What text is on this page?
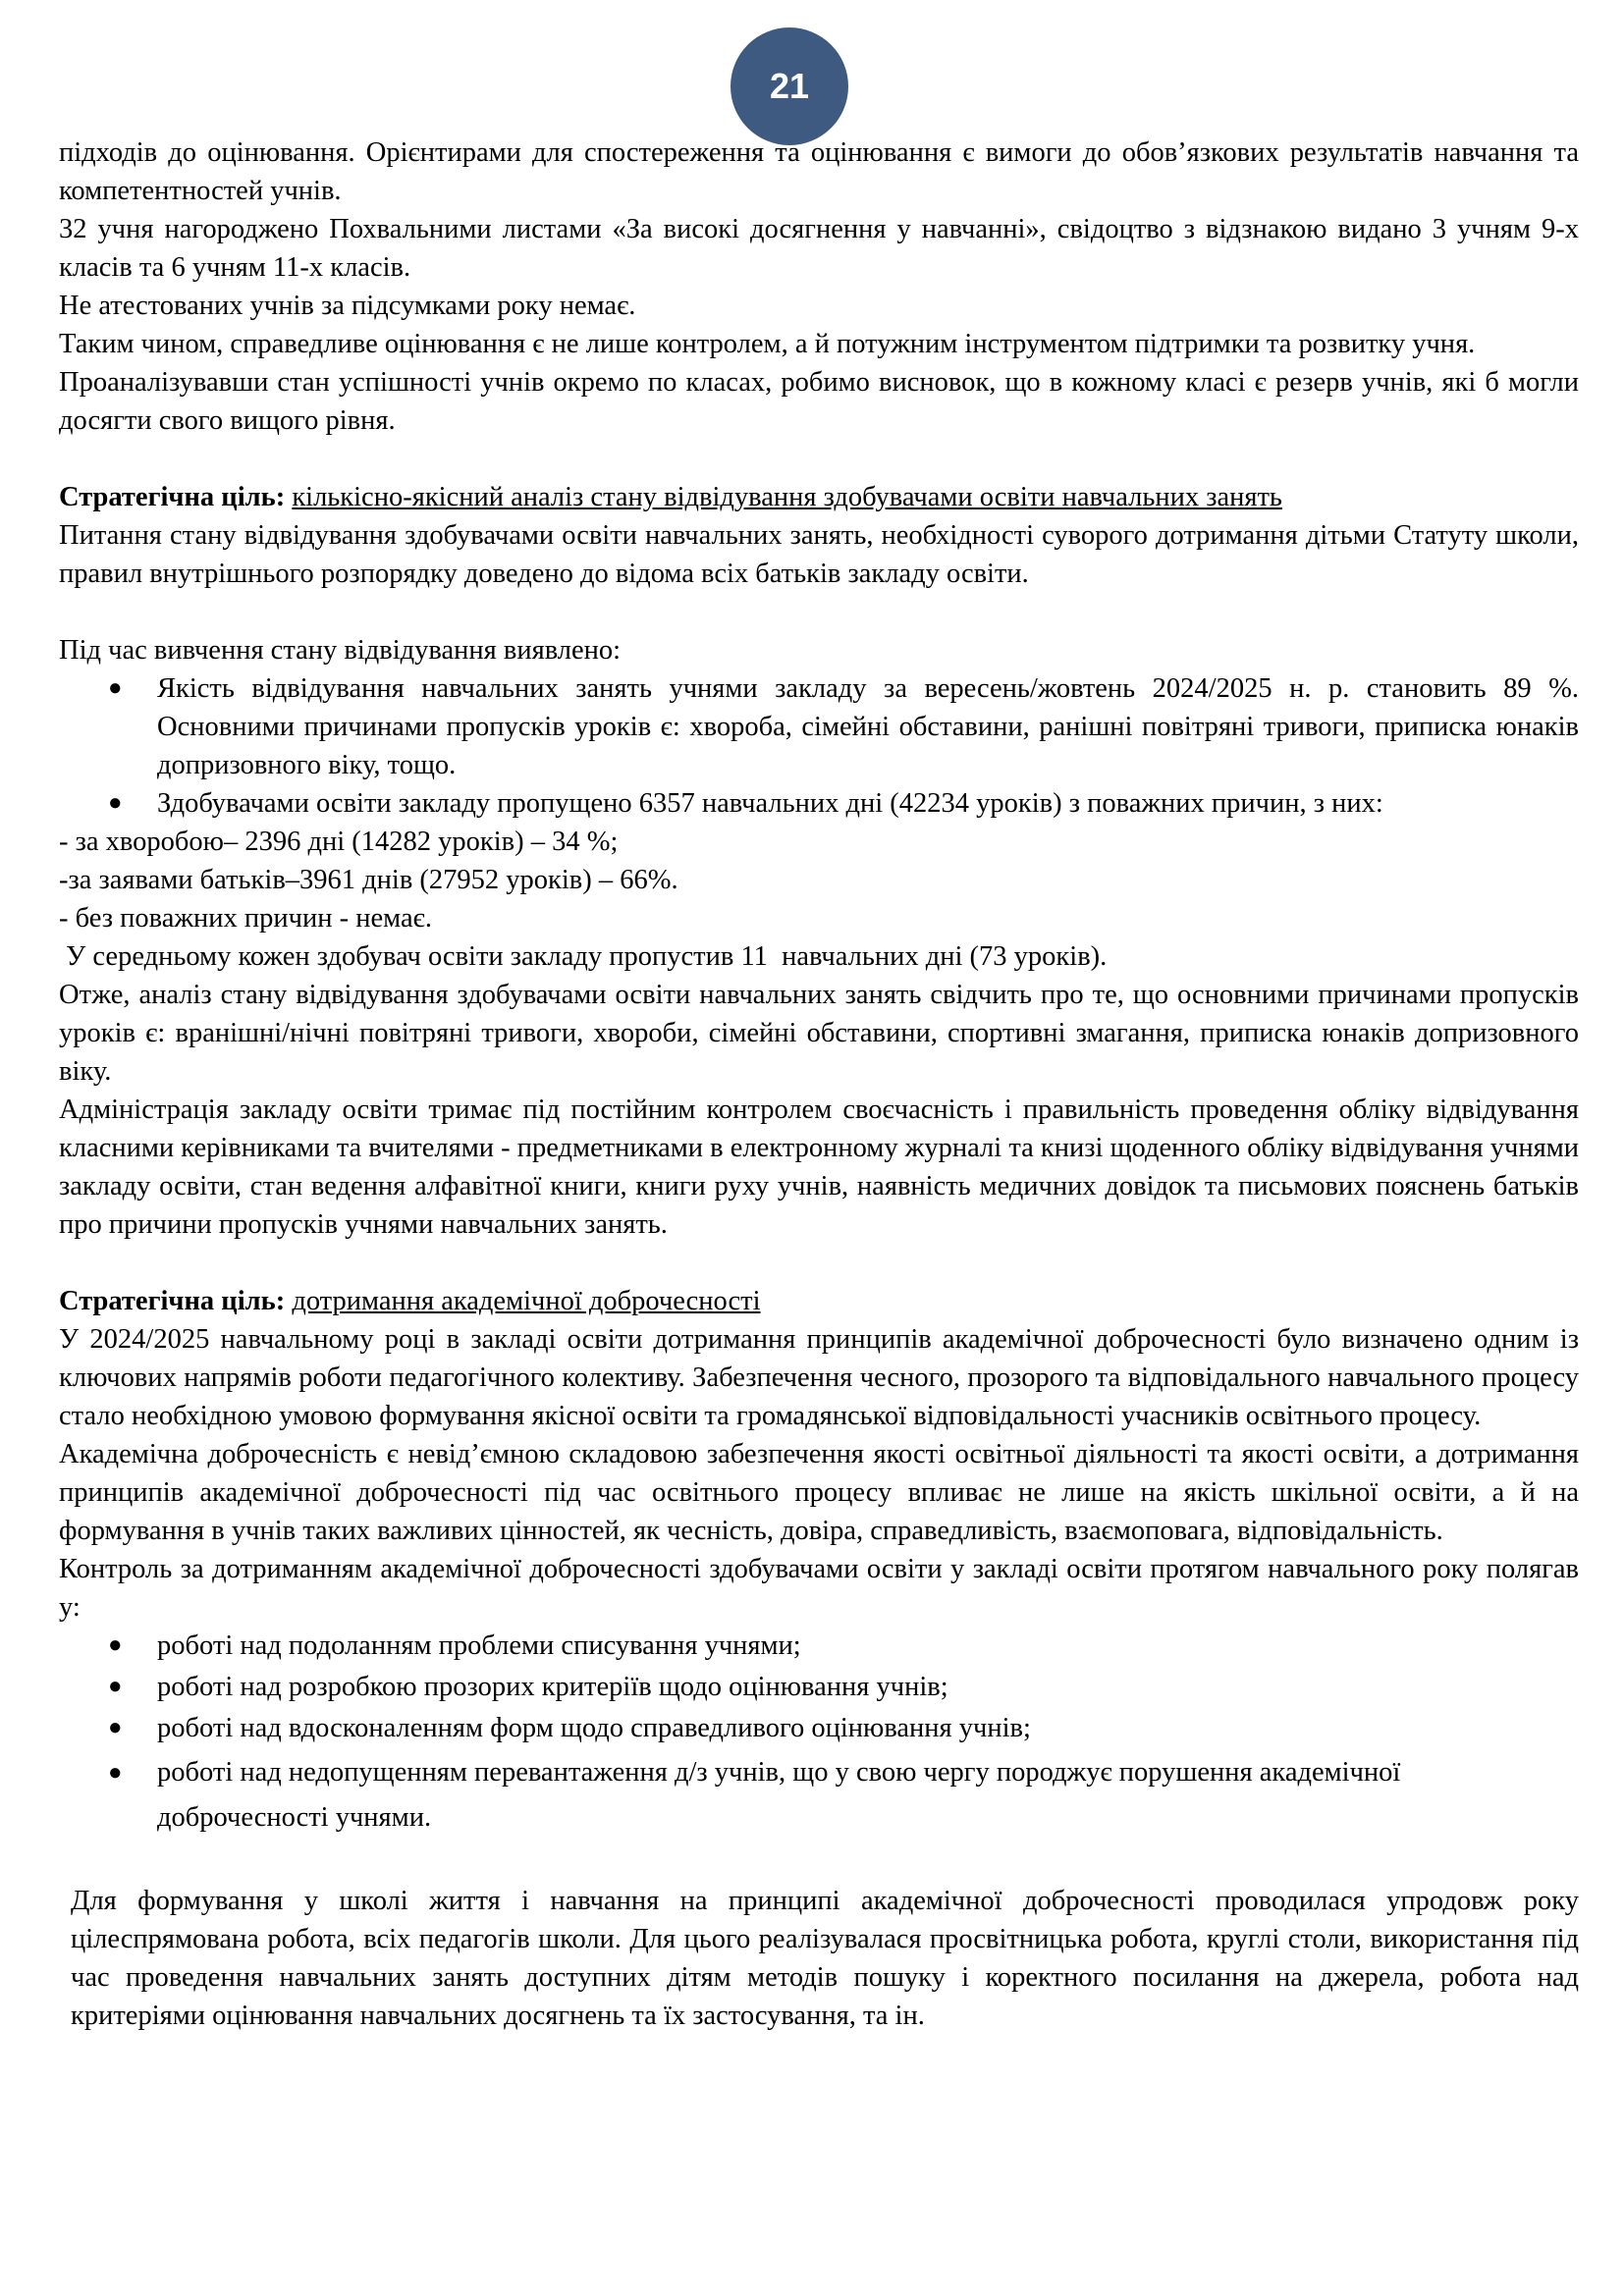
21

підходів до оцінювання. Орієнтирами для спостереження та оцінювання є вимоги до обов’язкових результатів навчання та компетентностей учнів.

32 учня нагороджено Похвальними листами «За високі досягнення у навчанні», свідоцтво з відзнакою видано 3 учням 9-х класів та 6 учням 11-х класів.

Не атестованих учнів за підсумками року немає.

Таким чином, справедливе оцінювання є не лише контролем, а й потужним інструментом підтримки та розвитку учня.

Проаналізувавши стан успішності учнів окремо по класах, робимо висновок, що в кожному класі є резерв учнів, які б могли досягти свого вищого рівня.

Стратегічна ціль: кількісно-якісний аналіз стану відвідування здобувачами освіти навчальних занять

Питання стану відвідування здобувачами освіти навчальних занять, необхідності суворого дотримання дітьми Статуту школи, правил внутрішнього розпорядку доведено до відома всіх батьків закладу освіти.

Під час вивчення стану відвідування виявлено:

● Якість відвідування навчальних занять учнями закладу за вересень/жовтень 2024/2025 н. р. становить 89 %. Основними причинами пропусків уроків є: хвороба, сімейні обставини, ранішні повітряні тривоги, приписка юнаків допризовного віку, тощо.
● Здобувачами освіти закладу пропущено 6357 навчальних дні (42234 уроків) з поважних причин, з них:

- за хворобою– 2396 дні (14282 уроків) – 34 %;

-за заявами батьків–3961 днів (27952 уроків) – 66%.

- без поважних причин - немає.

У середньому кожен здобувач освіти закладу пропустив 11  навчальних дні (73 уроків).

Отже, аналіз стану відвідування здобувачами освіти навчальних занять свідчить про те, що основними причинами пропусків уроків є: вранішні/нічні повітряні тривоги, хвороби, сімейні обставини, спортивні змагання, приписка юнаків допризовного віку.

Адміністрація закладу освіти тримає під постійним контролем своєчасність і правильність проведення обліку відвідування класними керівниками та вчителями - предметниками в електронному журналі та книзі щоденного обліку відвідування учнями закладу освіти, стан ведення алфавітної книги, книги руху учнів, наявність медичних довідок та письмових пояснень батьків про причини пропусків учнями навчальних занять.

Стратегічна ціль: дотримання академічної доброчесності

У 2024/2025 навчальному році в закладі освіти дотримання принципів академічної доброчесності було визначено одним із ключових напрямів роботи педагогічного колективу. Забезпечення чесного, прозорого та відповідального навчального процесу стало необхідною умовою формування якісної освіти та громадянської відповідальності учасників освітнього процесу.

Академічна доброчесність є невід’ємною складовою забезпечення якості освітньої діяльності та якості освіти, а дотримання принципів академічної доброчесності під час освітнього процесу впливає не лише на якість шкільної освіти, а й на формування в учнів таких важливих цінностей, як чесність, довіра, справедливість, взаємоповага, відповідальність.

Контроль за дотриманням академічної доброчесності здобувачами освіти у закладі освіти протягом навчального року полягав у:

● роботі над подоланням проблеми списування учнями;
● роботі над розробкою прозорих критеріїв щодо оцінювання учнів;
● роботі над вдосконаленням форм щодо справедливого оцінювання учнів;
● роботі над недопущенням перевантаження д/з учнів, що у свою чергу породжує порушення академічної доброчесності учнями.

Для формування у школі життя і навчання на принципі академічної доброчесності проводилася упродовж року цілеспрямована робота, всіх педагогів школи. Для цього реалізувалася просвітницька робота, круглі столи, використання під час проведення навчальних занять доступних дітям методів пошуку і коректного посилання на джерела, робота над критеріями оцінювання навчальних досягнень та їх застосування, та ін.
